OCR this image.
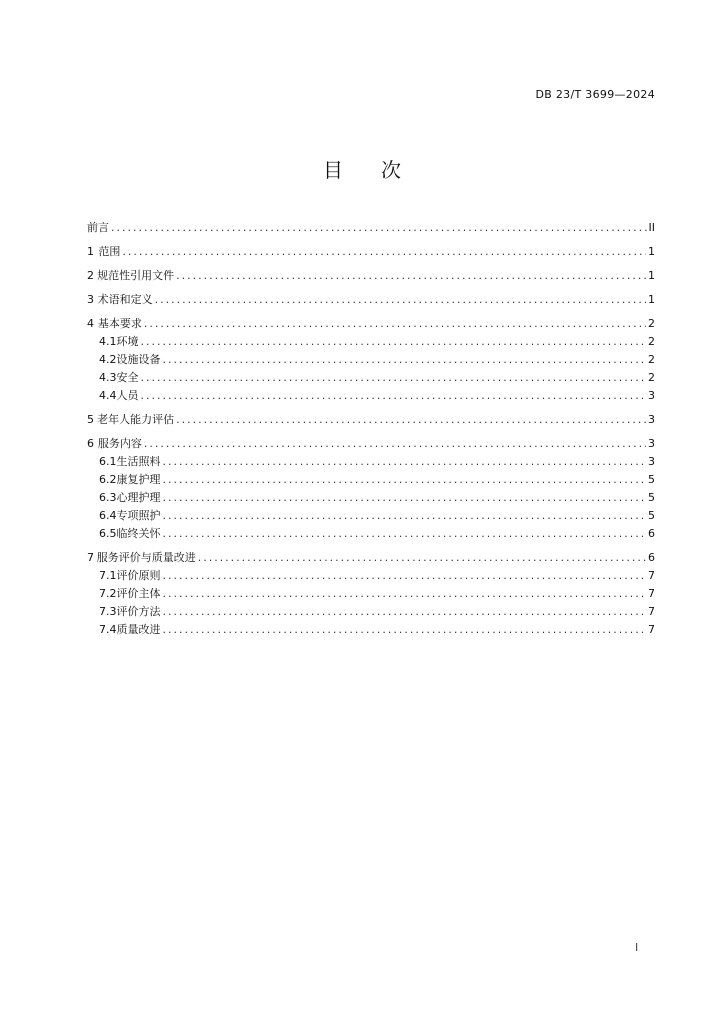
DB 23/T 3699—2024
目 次
前言 .....	II
1 范围 .....	1
2 规范性引用文件 .....	1
3 术语和定义 .....	1
4 基本要求 .....	2
4.1 环境 .....	2
4.2 设施设备 .....	2
4.3 安全 .....	2
4.4 人员 .....	3
5 老年人能力评估 .....	3
6 服务内容 .....	3
6.1 生活照料 .....	3
6.2 康复护理 .....	5
6.3 心理护理 .....	5
6.4 专项照护 .....	5
6.5 临终关怀 .....	6
7 服务评价与质量改进 .....	6
7.1 评价原则 .....	7
7.2 评价主体 .....	7
7.3 评价方法 .....	7
7.4 质量改进 .....	7
I
